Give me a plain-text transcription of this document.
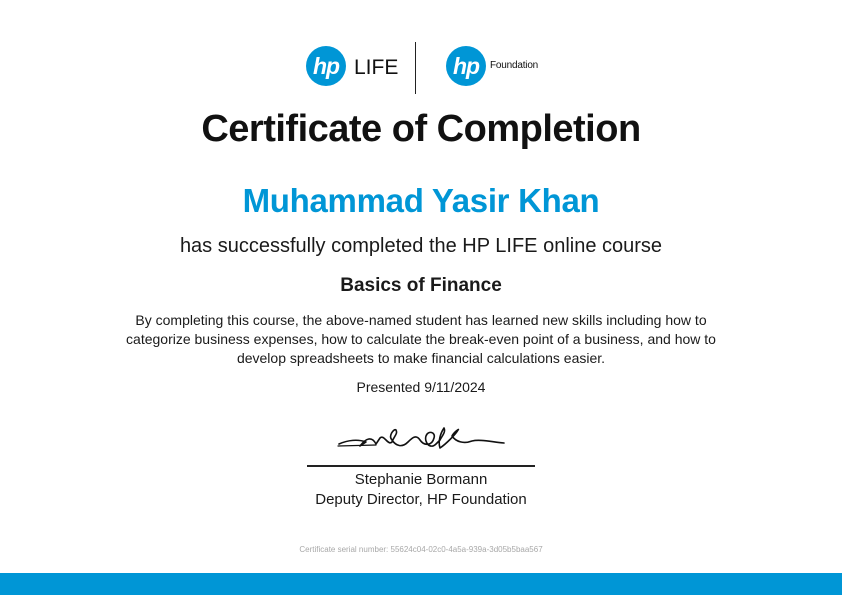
hp LIFE	hp	Foundation
Certificate of Completion
Muhammad Yasir Khan
has successfully completed the HP LIFE online course
Basics of Finance
By completing this course, the above-named student has learned new skills including how to categorize business expenses, how to calculate the break-even point of a business, and how to develop spreadsheets to make financial calculations easier.
Presented 9/11/2024
Stephanie Bormann
Deputy Director, HP Foundation
Certificate serial number: 55624c04-02c0-4a5a-939a-3d05b5baa567
